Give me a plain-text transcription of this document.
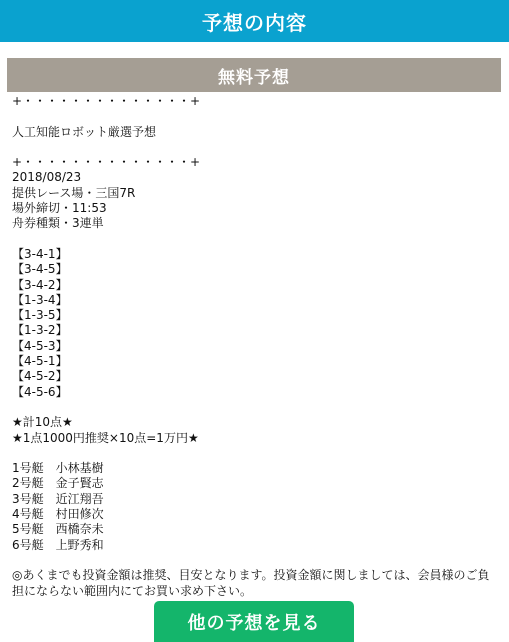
予想の内容
無料予想
+・・・・・・・・・・・・・・+
人工知能ロボット厳選予想
+・・・・・・・・・・・・・・+
2018/08/23
提供レース場・三国7R
場外締切・11:53
舟券種類・3連単
【3-4-1】
【3-4-5】
【3-4-2】
【1-3-4】
【1-3-5】
【1-3-2】
【4-5-3】
【4-5-1】
【4-5-2】
【4-5-6】
★計10点★
★1点1000円推奨×10点=1万円★
1号艇　小林基樹
2号艇　金子賢志
3号艇　近江翔吾
4号艇　村田修次
5号艇　西橋奈未
6号艇　上野秀和
◎あくまでも投資金額は推奨、目安となります。投資金額に関しましては、会員様のご負担にならない範囲内にてお買い求め下さい。
他の予想を見る
